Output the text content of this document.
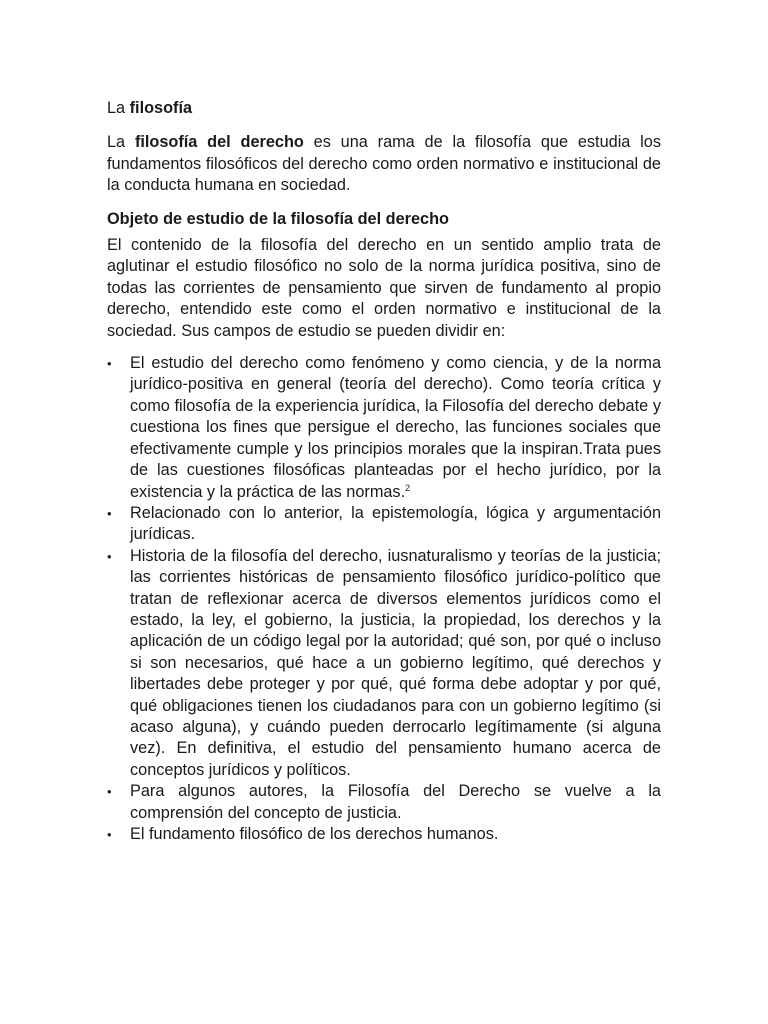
La filosofía

La filosofía del derecho es una rama de la filosofía que estudia los fundamentos filosóficos del derecho como orden normativo e institucional de la conducta humana en sociedad.

Objeto de estudio de la filosofía del derecho

El contenido de la filosofía del derecho en un sentido amplio trata de aglutinar el estudio filosófico no solo de la norma jurídica positiva, sino de todas las corrientes de pensamiento que sirven de fundamento al propio derecho, entendido este como el orden normativo e institucional de la sociedad. Sus campos de estudio se pueden dividir en:

• El estudio del derecho como fenómeno y como ciencia, y de la norma jurídico-positiva en general (teoría del derecho). Como teoría crítica y como filosofía de la experiencia jurídica, la Filosofía del derecho debate y cuestiona los fines que persigue el derecho, las funciones sociales que efectivamente cumple y los principios morales que la inspiran.Trata pues de las cuestiones filosóficas planteadas por el hecho jurídico, por la existencia y la práctica de las normas.$^2$
• Relacionado con lo anterior, la epistemología, lógica y argumentación jurídicas.
• Historia de la filosofía del derecho, iusnaturalismo y teorías de la justicia; las corrientes históricas de pensamiento filosófico jurídico-político que tratan de reflexionar acerca de diversos elementos jurídicos como el estado, la ley, el gobierno, la justicia, la propiedad, los derechos y la aplicación de un código legal por la autoridad; qué son, por qué o incluso si son necesarios, qué hace a un gobierno legítimo, qué derechos y libertades debe proteger y por qué, qué forma debe adoptar y por qué, qué obligaciones tienen los ciudadanos para con un gobierno legítimo (si acaso alguna), y cuándo pueden derrocarlo legítimamente (si alguna vez). En definitiva, el estudio del pensamiento humano acerca de conceptos jurídicos y políticos.
• Para algunos autores, la Filosofía del Derecho se vuelve a la comprensión del concepto de justicia.
• El fundamento filosófico de los derechos humanos.
